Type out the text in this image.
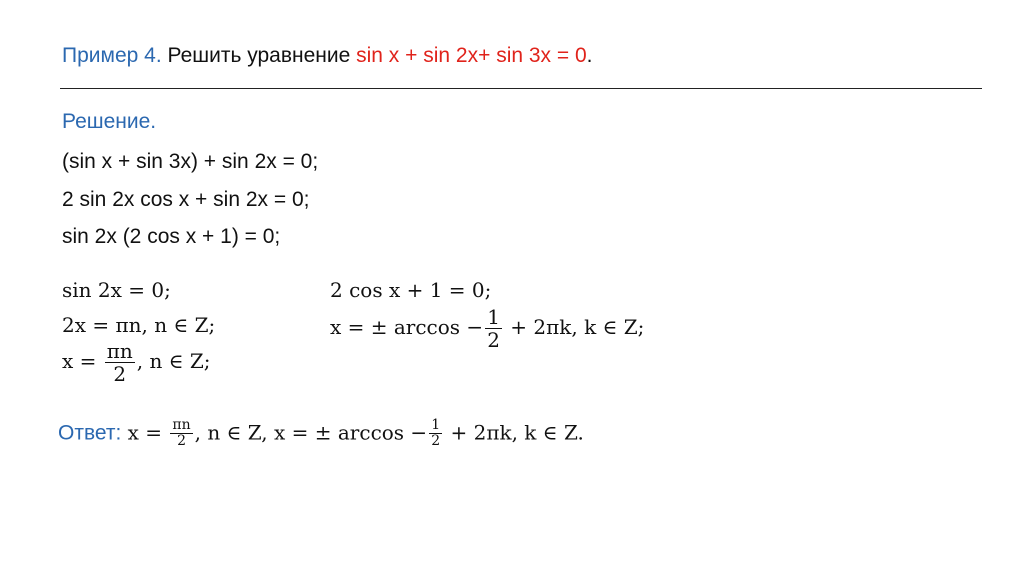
Пример 4. Решить уравнение sin x + sin 2x+ sin 3x = 0.
Решение.
(sin x + sin 3x) + sin 2x = 0;
2 sin 2x cos x + sin 2x = 0;
sin 2x (2 cos x + 1) = 0;
sin 2x = 0;
2x = πn, n ∈ Z;
$x = \frac{\pi n}{2}$ , n ∈ Z;
2 cos x + 1 = 0;
x = ± $\arccos - \frac{1}{2} + 2\pi k$, k ∈ Z;
Ответ: $x = \frac{\pi n}{2}$ , n ∈ Z, x = ± $\arccos - \frac{1}{2} + 2\pi k$, k ∈ Z.
